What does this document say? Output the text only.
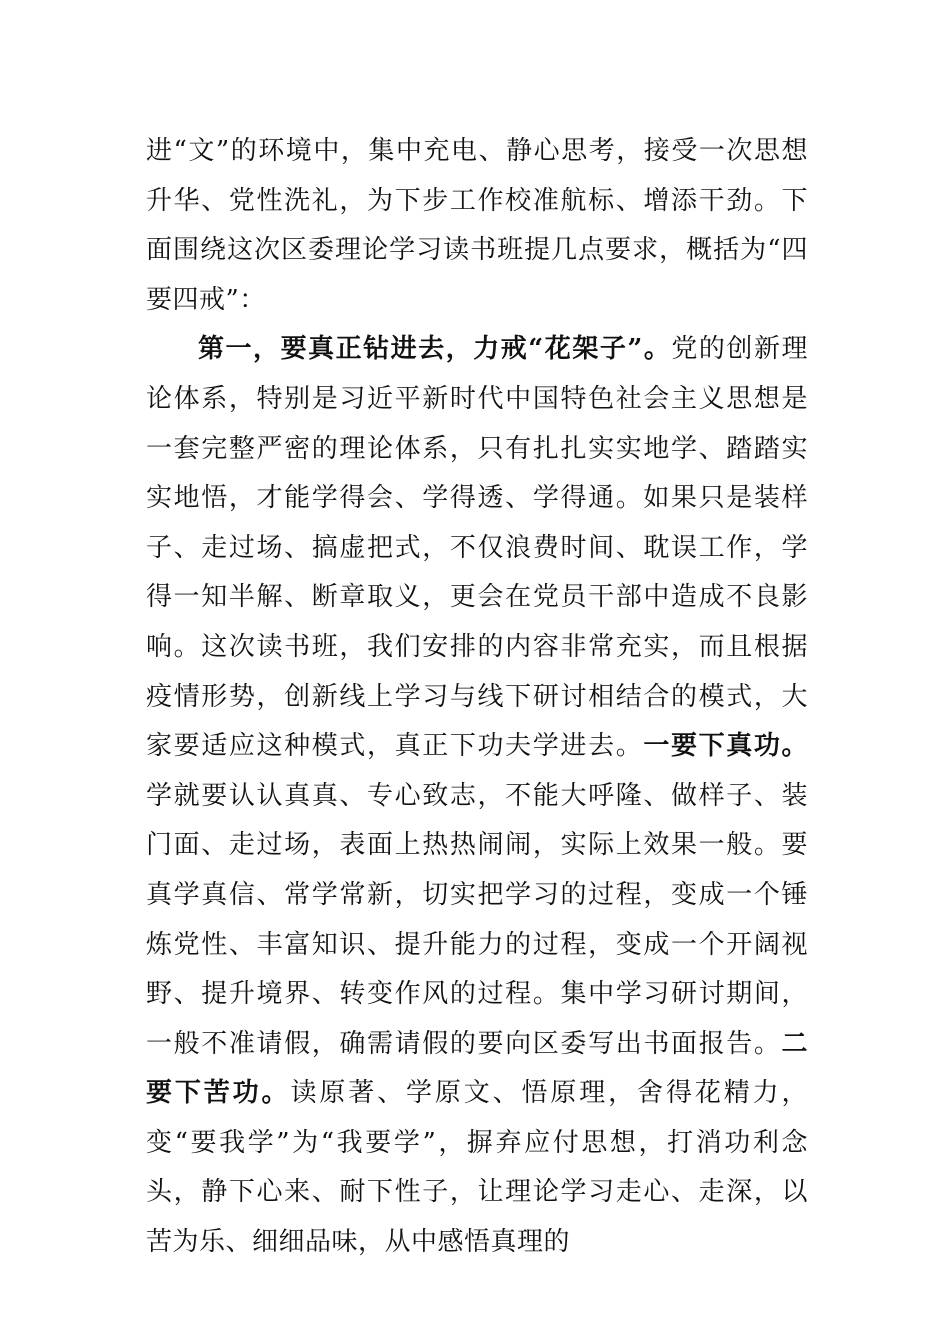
进“文”的环境中，集中充电、静心思考，接受一次思想升华、党性洗礼，为下步工作校准航标、增添干劲。下面围绕这次区委理论学习读书班提几点要求，概括为“四要四戒”：

第一，要真正钻进去，力戒“花架子”。党的创新理论体系，特别是习近平新时代中国特色社会主义思想是一套完整严密的理论体系，只有扎扎实实地学、踏踏实实地悟，才能学得会、学得透、学得通。如果只是装样子、走过场、搞虚把式，不仅浪费时间、耽误工作，学得一知半解、断章取义，更会在党员干部中造成不良影响。这次读书班，我们安排的内容非常充实，而且根据疫情形势，创新线上学习与线下研讨相结合的模式，大家要适应这种模式，真正下功夫学进去。一要下真功。学就要认认真真、专心致志，不能大呼隆、做样子、装门面、走过场，表面上热热闹闹，实际上效果一般。要真学真信、常学常新，切实把学习的过程，变成一个锤炼党性、丰富知识、提升能力的过程，变成一个开阔视野、提升境界、转变作风的过程。集中学习研讨期间，一般不准请假，确需请假的要向区委写出书面报告。二要下苦功。读原著、学原文、悟原理，舍得花精力，变“要我学”为“我要学”，摒弃应付思想，打消功利念头，静下心来、耐下性子，让理论学习走心、走深，以苦为乐、细细品味，从中感悟真理的
